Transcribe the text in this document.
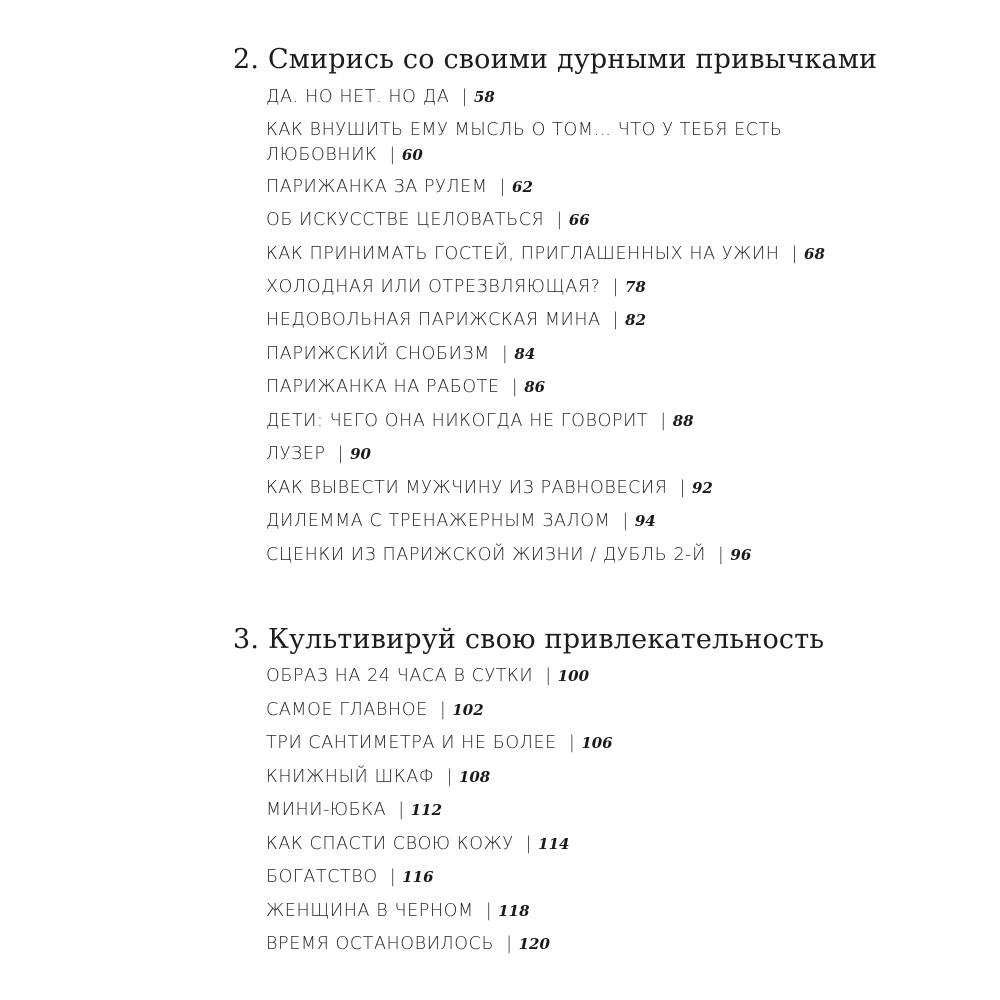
2. Смирись со своими дурными привычками
ДА. НО НЕТ. НО ДА | 58
КАК ВНУШИТЬ ЕМУ МЫСЛЬ О ТОМ… ЧТО У ТЕБЯ ЕСТЬ
ЛЮБОВНИК | 60
ПАРИЖАНКА ЗА РУЛЕМ | 62
ОБ ИСКУССТВЕ ЦЕЛОВАТЬСЯ | 66
КАК ПРИНИМАТЬ ГОСТЕЙ, ПРИГЛАШЕННЫХ НА УЖИН | 68
ХОЛОДНАЯ ИЛИ ОТРЕЗВЛЯЮЩАЯ? | 78
НЕДОВОЛЬНАЯ ПАРИЖСКАЯ МИНА | 82
ПАРИЖСКИЙ СНОБИЗМ | 84
ПАРИЖАНКА НА РАБОТЕ | 86
ДЕТИ: ЧЕГО ОНА НИКОГДА НЕ ГОВОРИТ | 88
ЛУЗЕР | 90
КАК ВЫВЕСТИ МУЖЧИНУ ИЗ РАВНОВЕСИЯ | 92
ДИЛЕММА С ТРЕНАЖЕРНЫМ ЗАЛОМ | 94
СЦЕНКИ ИЗ ПАРИЖСКОЙ ЖИЗНИ / ДУБЛЬ 2-Й | 96
3. Культивируй свою привлекательность
ОБРАЗ НА 24 ЧАСА В СУТКИ | 100
САМОЕ ГЛАВНОЕ | 102
ТРИ САНТИМЕТРА И НЕ БОЛЕЕ | 106
КНИЖНЫЙ ШКАФ | 108
МИНИ-ЮБКА | 112
КАК СПАСТИ СВОЮ КОЖУ | 114
БОГАТСТВО | 116
ЖЕНЩИНА В ЧЕРНОМ | 118
ВРЕМЯ ОСТАНОВИЛОСЬ | 120
